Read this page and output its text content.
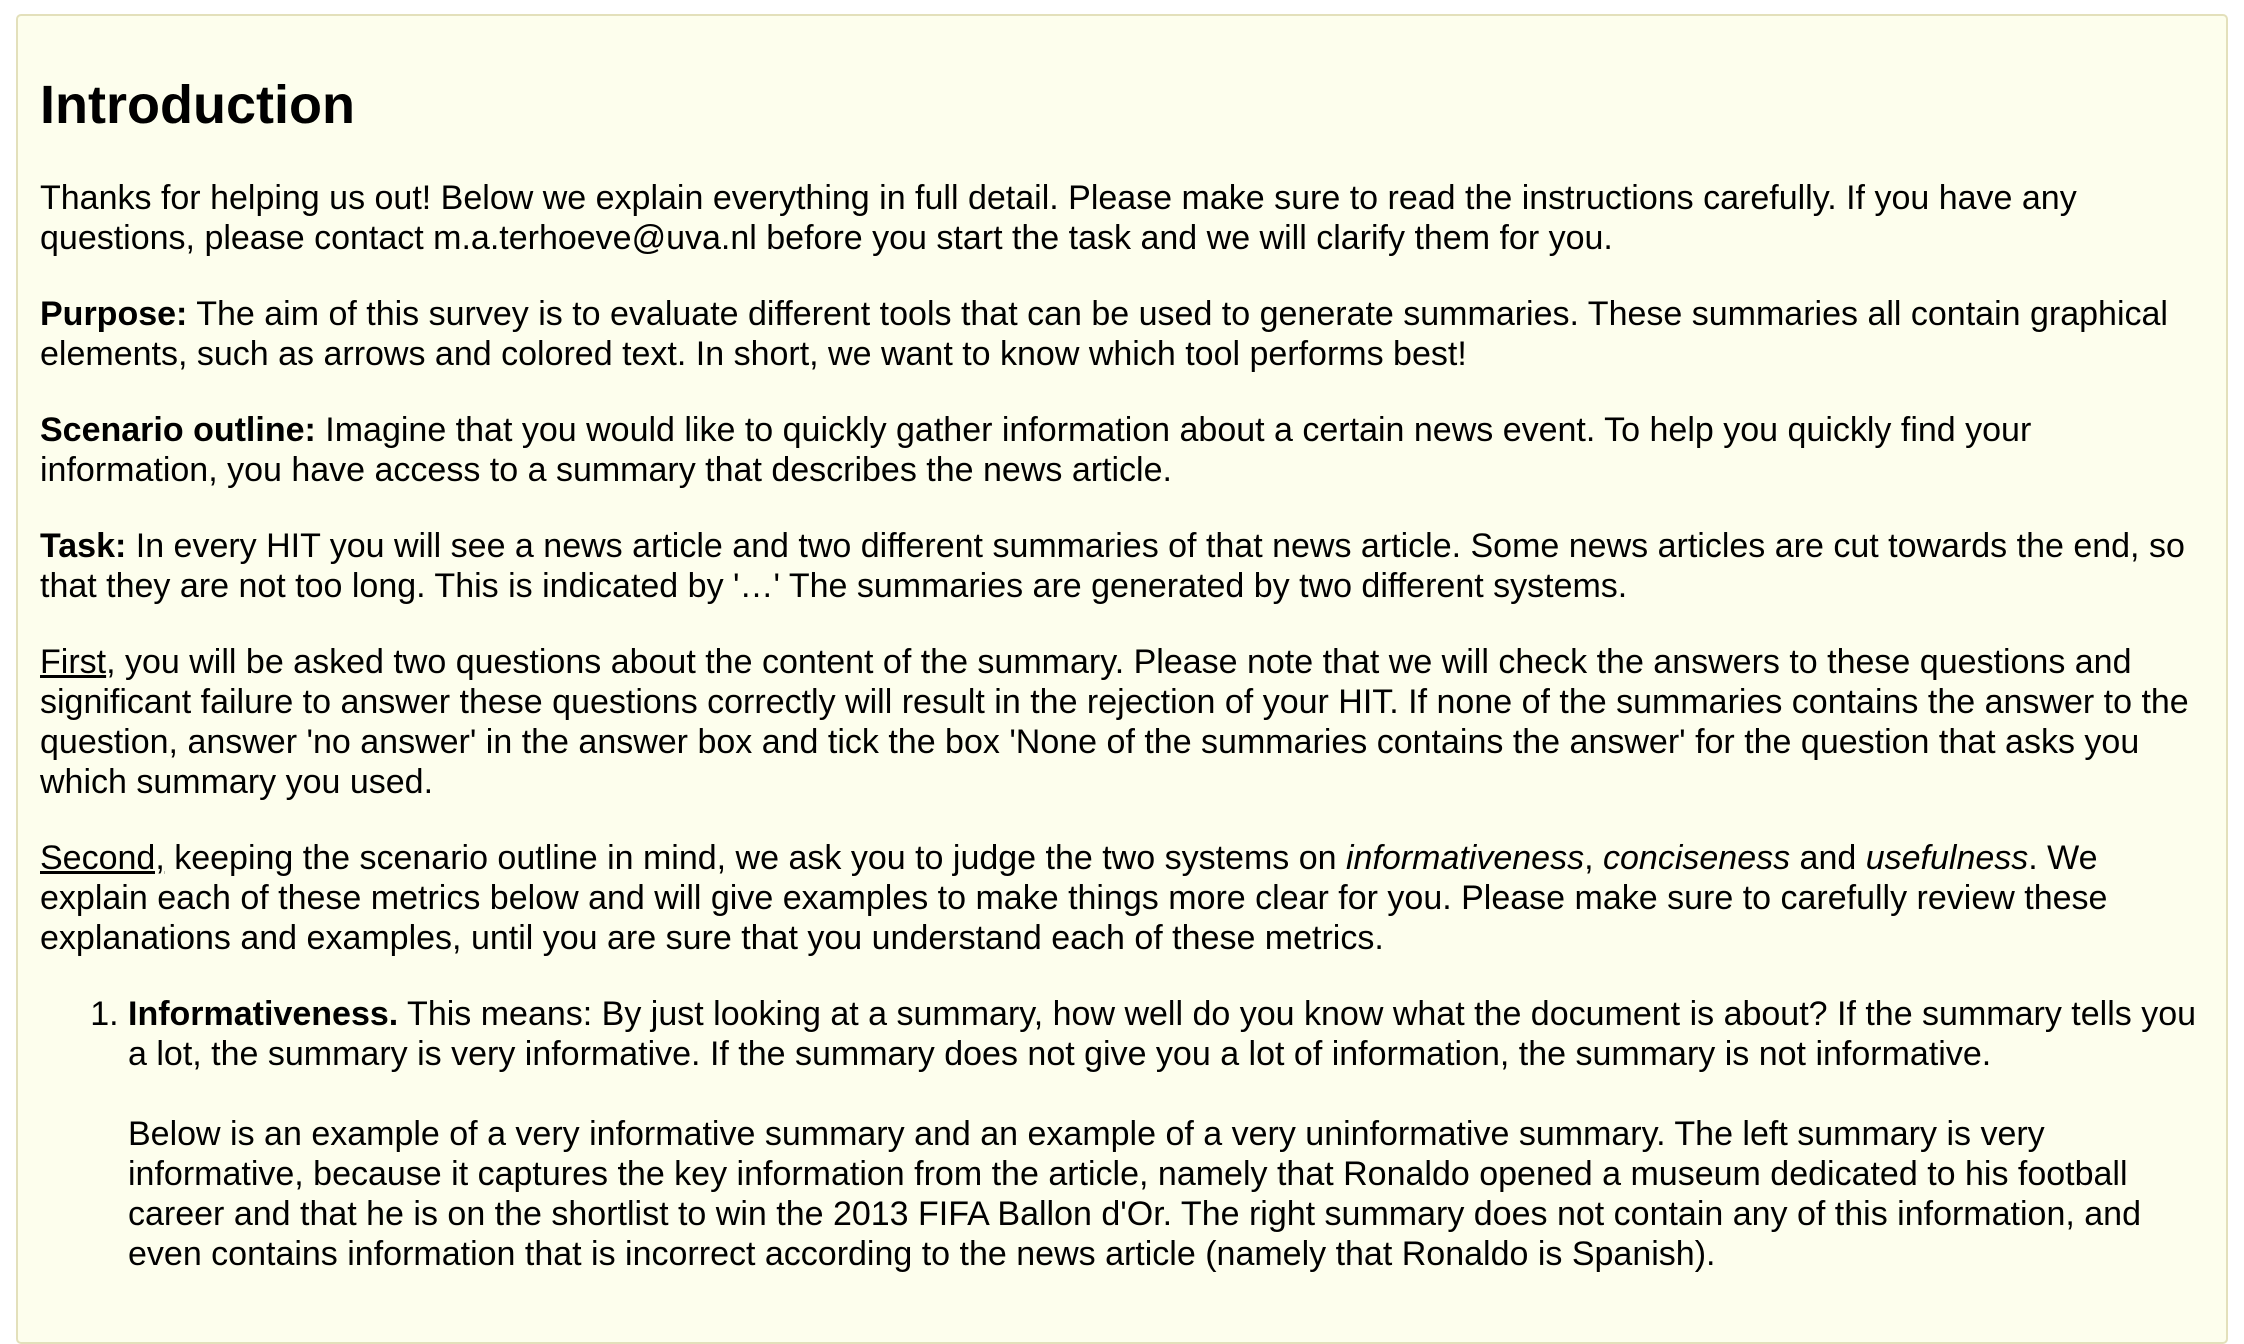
Introduction

Thanks for helping us out! Below we explain everything in full detail. Please make sure to read the instructions carefully. If you have any questions, please contact m.a.terhoeve@uva.nl before you start the task and we will clarify them for you.

Purpose: The aim of this survey is to evaluate different tools that can be used to generate summaries. These summaries all contain graphical elements, such as arrows and colored text. In short, we want to know which tool performs best!

Scenario outline: Imagine that you would like to quickly gather information about a certain news event. To help you quickly find your information, you have access to a summary that describes the news article.

Task: In every HIT you will see a news article and two different summaries of that news article. Some news articles are cut towards the end, so that they are not too long. This is indicated by '…' The summaries are generated by two different systems.

First, you will be asked two questions about the content of the summary. Please note that we will check the answers to these questions and significant failure to answer these questions correctly will result in the rejection of your HIT. If none of the summaries contains the answer to the question, answer 'no answer' in the answer box and tick the box 'None of the summaries contains the answer' for the question that asks you which summary you used.

Second, keeping the scenario outline in mind, we ask you to judge the two systems on informativeness, conciseness and usefulness. We explain each of these metrics below and will give examples to make things more clear for you. Please make sure to carefully review these explanations and examples, until you are sure that you understand each of these metrics.

1. Informativeness. This means: By just looking at a summary, how well do you know what the document is about? If the summary tells you a lot, the summary is very informative. If the summary does not give you a lot of information, the summary is not informative.

Below is an example of a very informative summary and an example of a very uninformative summary. The left summary is very informative, because it captures the key information from the article, namely that Ronaldo opened a museum dedicated to his football career and that he is on the shortlist to win the 2013 FIFA Ballon d'Or. The right summary does not contain any of this information, and even contains information that is incorrect according to the news article (namely that Ronaldo is Spanish).
